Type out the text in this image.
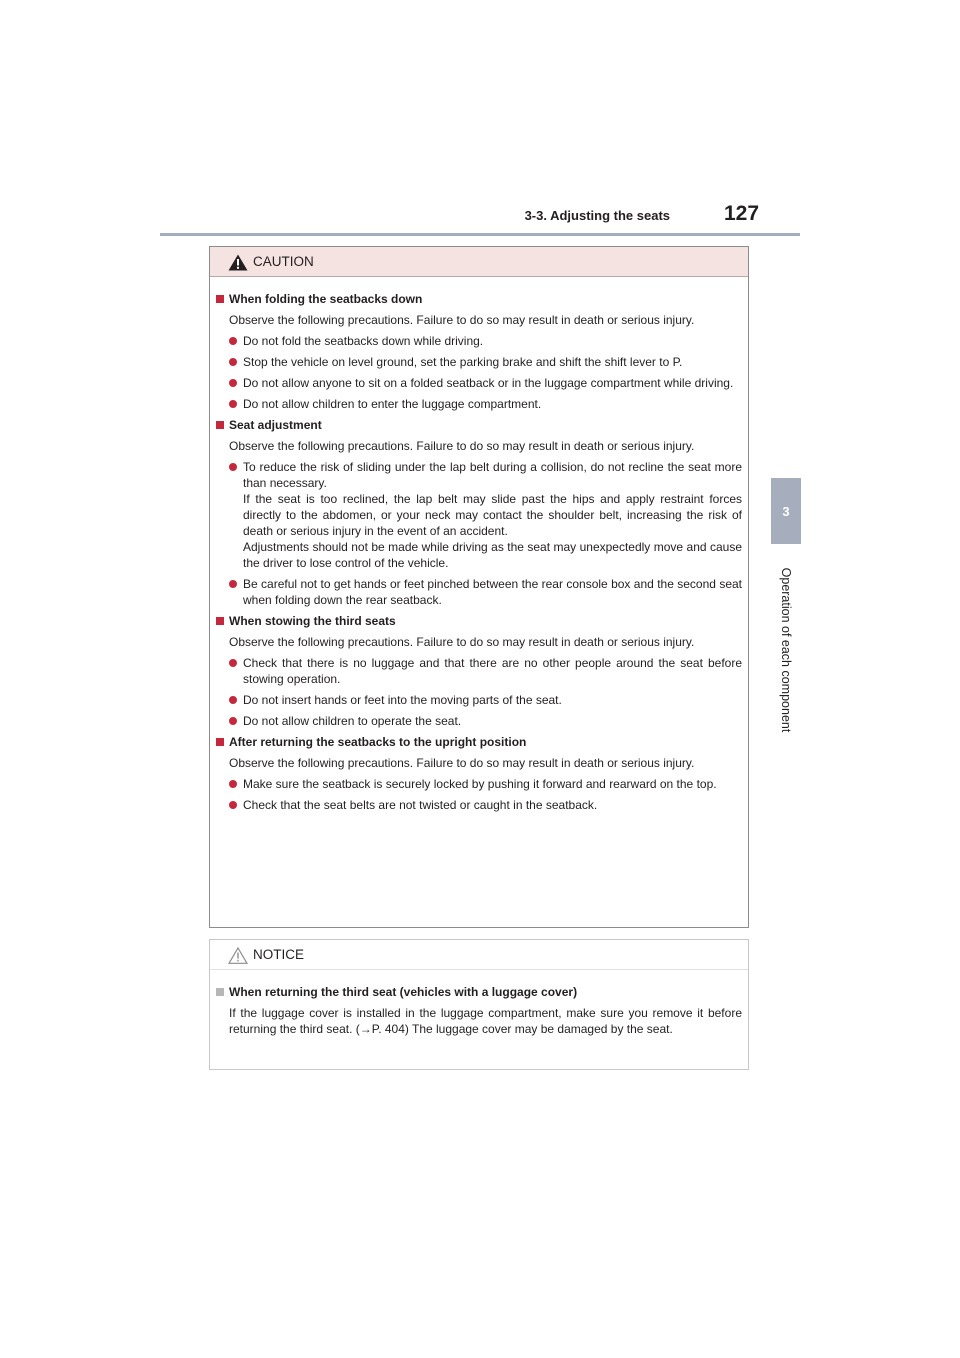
3-3. Adjusting the seats	127
3
Operation of each component
CAUTION
When folding the seatbacks down
Observe the following precautions. Failure to do so may result in death or serious injury.
Do not fold the seatbacks down while driving.
Stop the vehicle on level ground, set the parking brake and shift the shift lever to P.
Do not allow anyone to sit on a folded seatback or in the luggage compartment while driving.
Do not allow children to enter the luggage compartment.
Seat adjustment
Observe the following precautions. Failure to do so may result in death or serious injury.
To reduce the risk of sliding under the lap belt during a collision, do not recline the seat more than necessary.
If the seat is too reclined, the lap belt may slide past the hips and apply restraint forces directly to the abdomen, or your neck may contact the shoulder belt, increasing the risk of death or serious injury in the event of an accident.
Adjustments should not be made while driving as the seat may unexpectedly move and cause the driver to lose control of the vehicle.
Be careful not to get hands or feet pinched between the rear console box and the second seat when folding down the rear seatback.
When stowing the third seats
Observe the following precautions. Failure to do so may result in death or serious injury.
Check that there is no luggage and that there are no other people around the seat before stowing operation.
Do not insert hands or feet into the moving parts of the seat.
Do not allow children to operate the seat.
After returning the seatbacks to the upright position
Observe the following precautions. Failure to do so may result in death or serious injury.
Make sure the seatback is securely locked by pushing it forward and rearward on the top.
Check that the seat belts are not twisted or caught in the seatback.
NOTICE
When returning the third seat (vehicles with a luggage cover)
If the luggage cover is installed in the luggage compartment, make sure you remove it before returning the third seat. (→P. 404) The luggage cover may be damaged by the seat.
